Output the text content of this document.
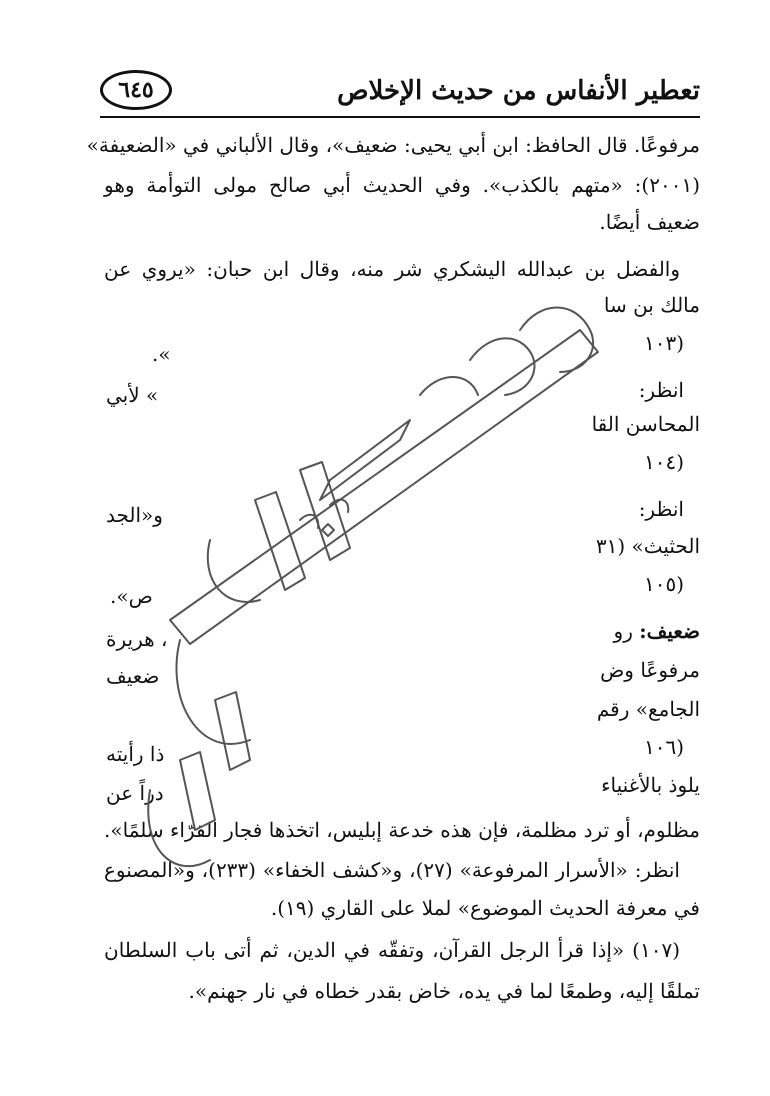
٦٤٥	تعطير الأنفاس من حديث الإخلاص
مرفوعًا. قال الحافظ: ابن أبي يحيى: ضعيف»، وقال الألباني في «الضعيفة»
(٢٠٠١): «متهم بالكذب». وفي الحديث أبي صالح مولى التوأمة وهو
ضعيف أيضًا.
والفضل بن عبدالله اليشكري شر منه، وقال ابن حبان: «يروي عن
مالك بن سا
(١٠٣
».
انظر:
» لأبي
المحاسن القا
(١٠٤
انظر:
و«الجد
الحثيث» (٣١
(١٠٥
ص».
ضعيف: رو
، هريرة
مرفوعًا وض
ضعيف
الجامع» رقم
(١٠٦
ذا رأيته
يلوذ بالأغنياء
دراً عن
مظلوم، أو ترد مظلمة، فإن هذه خدعة إبليس، اتخذها فجار القرّاء سلمًا».
انظر: «الأسرار المرفوعة» (٢٧)، و«كشف الخفاء» (٢٣٣)، و«المصنوع
في معرفة الحديث الموضوع» لملا على القاري (١٩).
(١٠٧) «إذا قرأ الرجل القرآن، وتفقّه في الدين، ثم أتى باب السلطان
تملقًا إليه، وطمعًا لما في يده، خاض بقدر خطاه في نار جهنم».
